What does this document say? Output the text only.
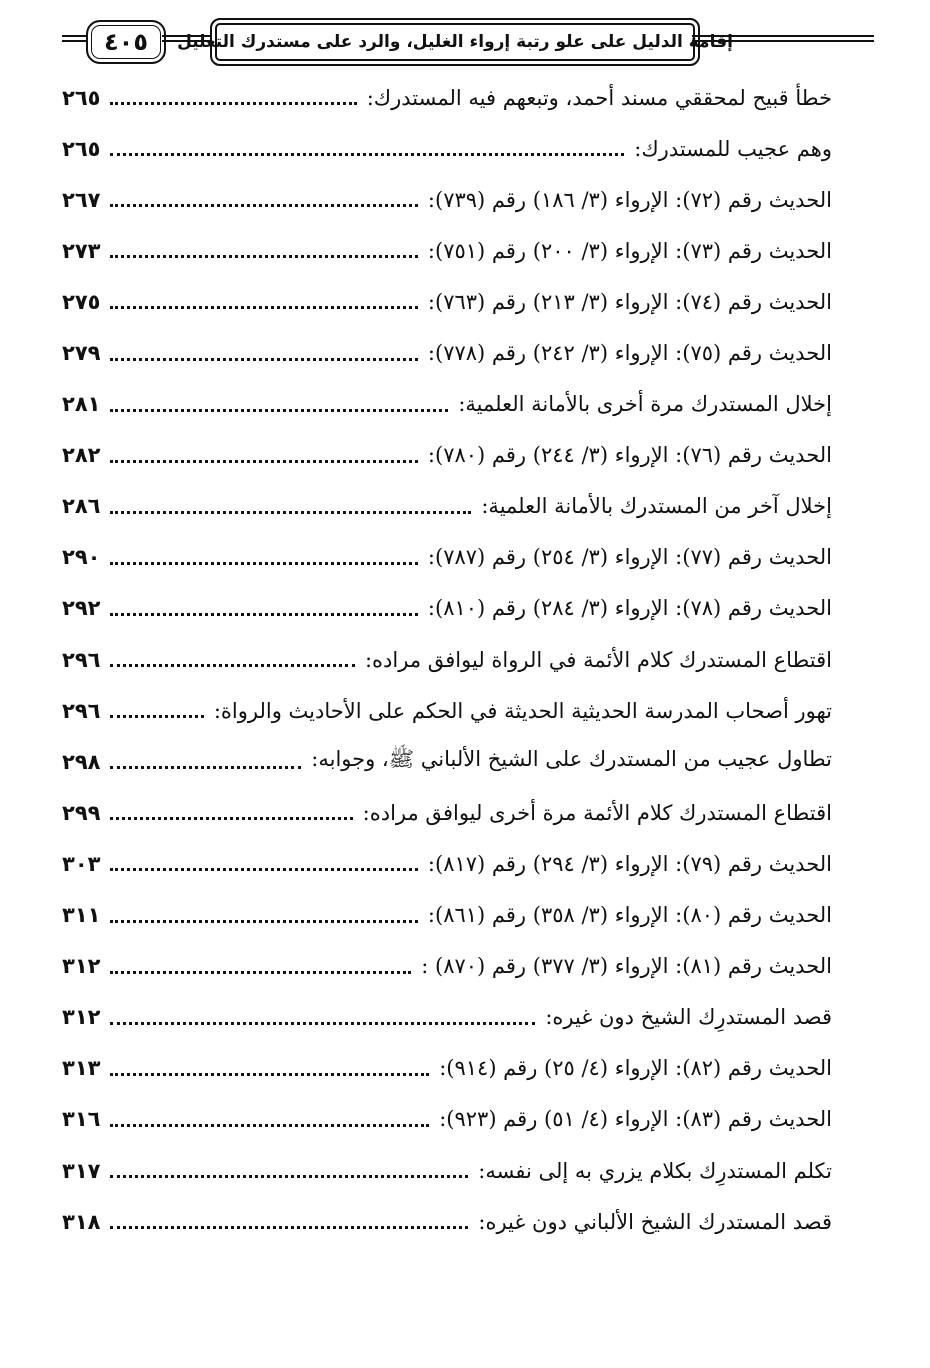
٤٠٥ إقامة الدليل على علو رتبة إرواء الغليل، والرد على مستدرك التعليل
خطأ قبيح لمحققي مسند أحمد، وتبعهم فيه المستدرك:
٢٦٥
وهم عجيب للمستدرك:
٢٦٥
الحديث رقم (٧٢): الإرواء (٣/ ١٨٦) رقم (٧٣٩):
٢٦٧
الحديث رقم (٧٣): الإرواء (٣/ ٢٠٠) رقم (٧٥١):
٢٧٣
الحديث رقم (٧٤): الإرواء (٣/ ٢١٣) رقم (٧٦٣):
٢٧٥
الحديث رقم (٧٥): الإرواء (٣/ ٢٤٢) رقم (٧٧٨):
٢٧٩
إخلال المستدرك مرة أخرى بالأمانة العلمية:
٢٨١
الحديث رقم (٧٦): الإرواء (٣/ ٢٤٤) رقم (٧٨٠):
٢٨٢
إخلال آخر من المستدرك بالأمانة العلمية:
٢٨٦
الحديث رقم (٧٧): الإرواء (٣/ ٢٥٤) رقم (٧٨٧):
٢٩٠
الحديث رقم (٧٨): الإرواء (٣/ ٢٨٤) رقم (٨١٠):
٢٩٢
اقتطاع المستدرك كلام الأئمة في الرواة ليوافق مراده:
٢٩٦
تهور أصحاب المدرسة الحديثية الحديثة في الحكم على الأحاديث والرواة:
٢٩٦
تطاول عجيب من المستدرك على الشيخ الألباني ﷺ، وجوابه:
٢٩٨
اقتطاع المستدرك كلام الأئمة مرة أخرى ليوافق مراده:
٢٩٩
الحديث رقم (٧٩): الإرواء (٣/ ٢٩٤) رقم (٨١٧):
٣٠٣
الحديث رقم (٨٠): الإرواء (٣/ ٣٥٨) رقم (٨٦١):
٣١١
الحديث رقم (٨١): الإرواء (٣/ ٣٧٧) رقم (٨٧٠) :
٣١٢
قصد المستدرِك الشيخ دون غيره:
٣١٢
الحديث رقم (٨٢): الإرواء (٤/ ٢٥) رقم (٩١٤):
٣١٣
الحديث رقم (٨٣): الإرواء (٤/ ٥١) رقم (٩٢٣):
٣١٦
تكلم المستدرِك بكلام يزري به إلى نفسه:
٣١٧
قصد المستدرك الشيخ الألباني دون غيره:
٣١٨
